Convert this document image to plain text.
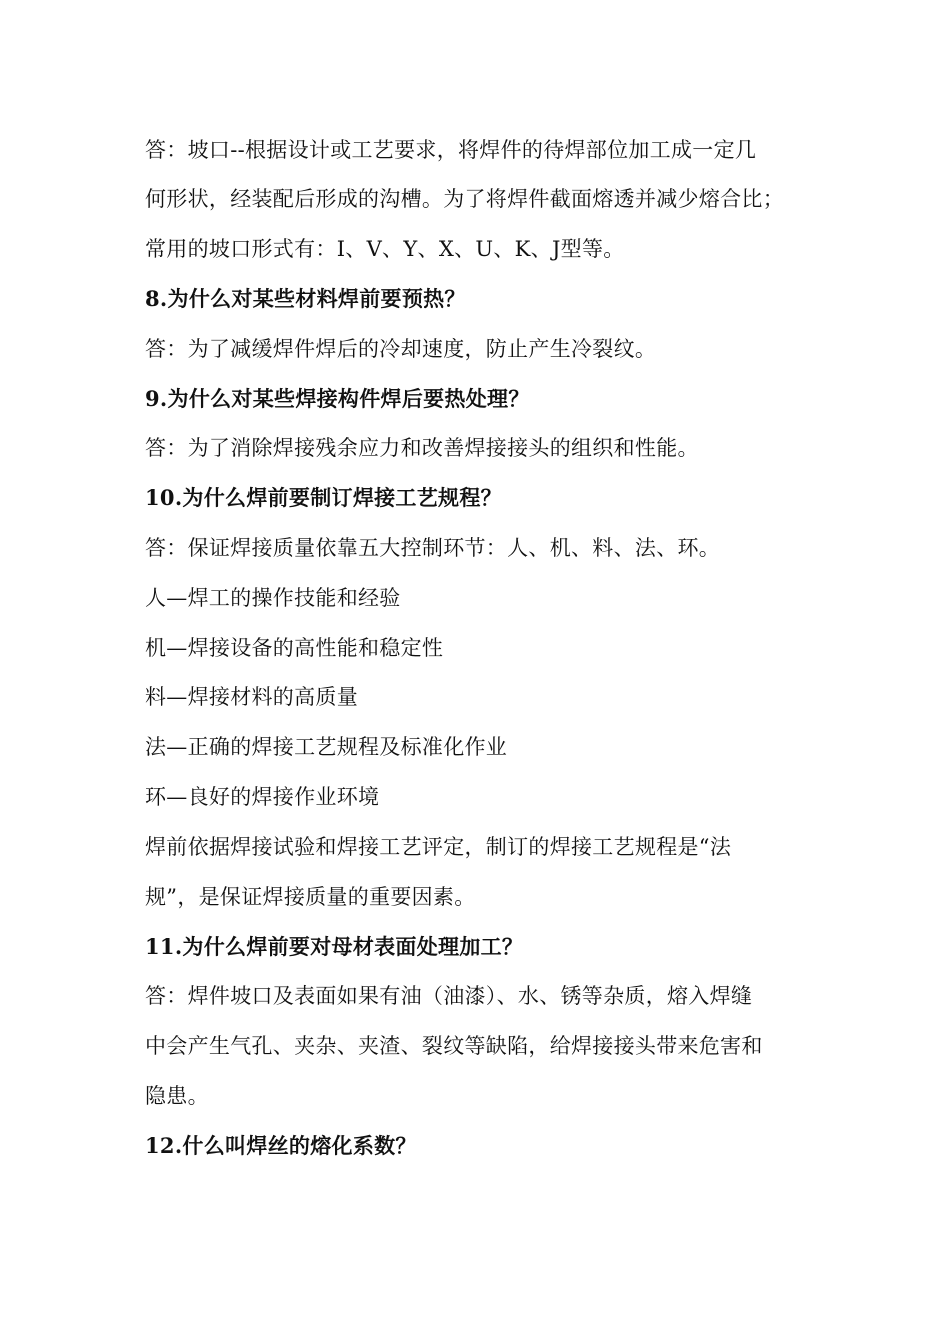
答：坡口--根据设计或工艺要求，将焊件的待焊部位加工成一定几
何形状，经装配后形成的沟槽。为了将焊件截面熔透并减少熔合比；
常用的坡口形式有：I、V、Y、X、U、K、J型等。
8.为什么对某些材料焊前要预热？
答：为了减缓焊件焊后的冷却速度，防止产生冷裂纹。
9.为什么对某些焊接构件焊后要热处理？
答：为了消除焊接残余应力和改善焊接接头的组织和性能。
10.为什么焊前要制订焊接工艺规程？
答：保证焊接质量依靠五大控制环节：人、机、料、法、环。
人—焊工的操作技能和经验
机—焊接设备的高性能和稳定性
料—焊接材料的高质量
法—正确的焊接工艺规程及标准化作业
环—良好的焊接作业环境
焊前依据焊接试验和焊接工艺评定，制订的焊接工艺规程是“法
规”，是保证焊接质量的重要因素。
11.为什么焊前要对母材表面处理加工？
答：焊件坡口及表面如果有油（油漆）、水、锈等杂质，熔入焊缝
中会产生气孔、夹杂、夹渣、裂纹等缺陷，给焊接接头带来危害和
隐患。
12.什么叫焊丝的熔化系数？
